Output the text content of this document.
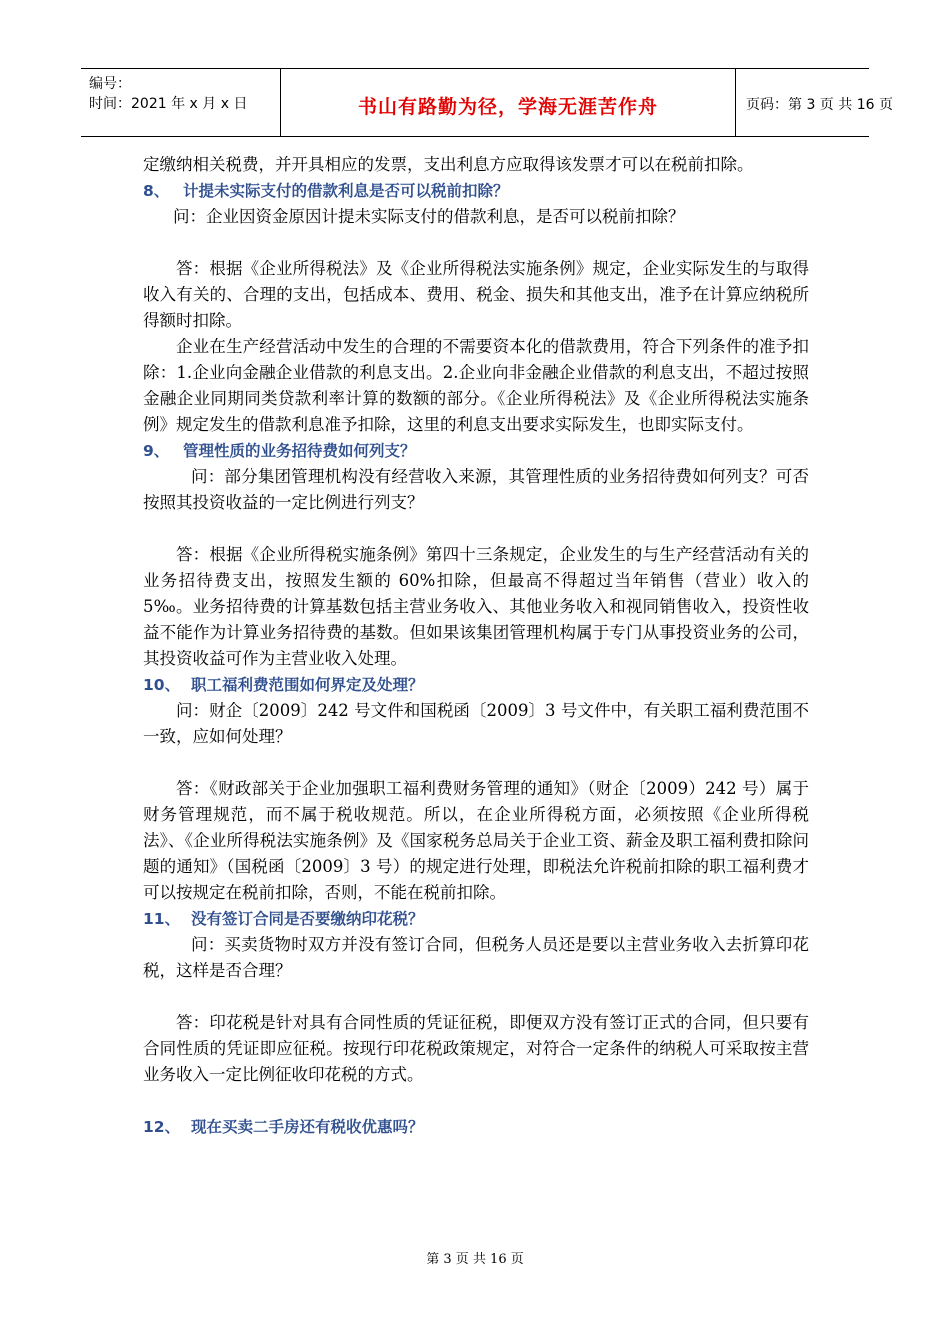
编号：
时间：2021 年 x 月 x 日	书山有路勤为径，学海无涯苦作舟	页码：第 3 页 共 16 页

定缴纳相关税费，并开具相应的发票，支出利息方应取得该发票才可以在税前扣除。

8、 计提未实际支付的借款利息是否可以税前扣除？

问：企业因资金原因计提未实际支付的借款利息，是否可以税前扣除？

答：根据《企业所得税法》及《企业所得税法实施条例》规定，企业实际发生的与取得收入有关的、合理的支出，包括成本、费用、税金、损失和其他支出，准予在计算应纳税所得额时扣除。

企业在生产经营活动中发生的合理的不需要资本化的借款费用，符合下列条件的准予扣除：1.企业向金融企业借款的利息支出。2.企业向非金融企业借款的利息支出，不超过按照金融企业同期同类贷款利率计算的数额的部分。《企业所得税法》及《企业所得税法实施条例》规定发生的借款利息准予扣除，这里的利息支出要求实际发生，也即实际支付。

9、 管理性质的业务招待费如何列支？

问：部分集团管理机构没有经营收入来源，其管理性质的业务招待费如何列支？可否按照其投资收益的一定比例进行列支？

答：根据《企业所得税实施条例》第四十三条规定，企业发生的与生产经营活动有关的业务招待费支出，按照发生额的 60%扣除，但最高不得超过当年销售（营业）收入的 5‰。业务招待费的计算基数包括主营业务收入、其他业务收入和视同销售收入，投资性收益不能作为计算业务招待费的基数。但如果该集团管理机构属于专门从事投资业务的公司，其投资收益可作为主营业收入处理。

10、 职工福利费范围如何界定及处理？

问：财企〔2009〕242 号文件和国税函〔2009〕3 号文件中，有关职工福利费范围不一致，应如何处理？

答：《财政部关于企业加强职工福利费财务管理的通知》（财企〔2009）242 号）属于财务管理规范，而不属于税收规范。所以，在企业所得税方面，必须按照《企业所得税法》、《企业所得税法实施条例》及《国家税务总局关于企业工资、薪金及职工福利费扣除问题的通知》（国税函〔2009〕3 号）的规定进行处理，即税法允许税前扣除的职工福利费才可以按规定在税前扣除，否则，不能在税前扣除。

11、 没有签订合同是否要缴纳印花税？

问：买卖货物时双方并没有签订合同，但税务人员还是要以主营业务收入去折算印花税，这样是否合理？

答：印花税是针对具有合同性质的凭证征税，即便双方没有签订正式的合同，但只要有合同性质的凭证即应征税。按现行印花税政策规定，对符合一定条件的纳税人可采取按主营业务收入一定比例征收印花税的方式。

12、 现在买卖二手房还有税收优惠吗？

第 3 页 共 16 页
